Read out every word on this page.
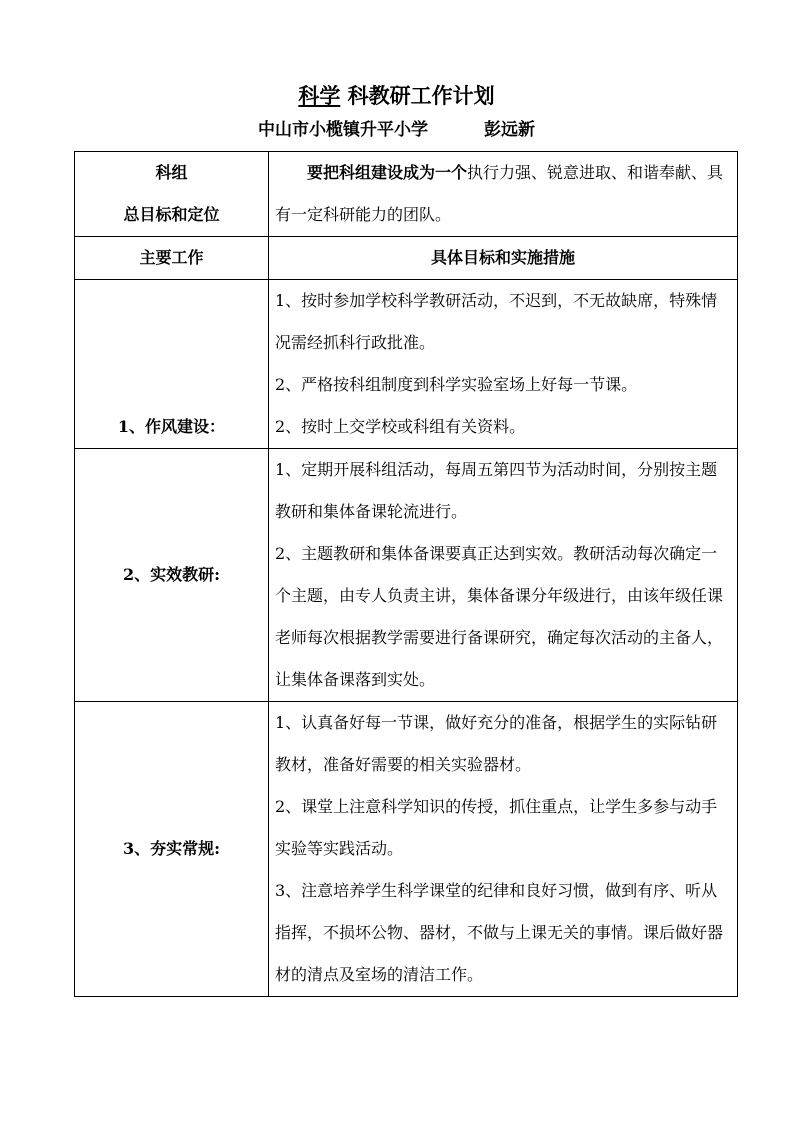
科学 科教研工作计划
中山市小榄镇升平小学	彭远新
科组
总目标和定位	要把科组建设成为一个执行力强、锐意进取、和谐奉献、具有一定科研能力的团队。
主要工作	具体目标和实施措施
1、作风建设：	1、按时参加学校科学教研活动，不迟到，不无故缺席，特殊情况需经抓科行政批准。

2、严格按科组制度到科学实验室场上好每一节课。

2、按时上交学校或科组有关资料。

2、实效教研:	1、定期开展科组活动，每周五第四节为活动时间，分别按主题教研和集体备课轮流进行。

2、主题教研和集体备课要真正达到实效。教研活动每次确定一个主题，由专人负责主讲，集体备课分年级进行，由该年级任课老师每次根据教学需要进行备课研究，确定每次活动的主备人，让集体备课落到实处。

3、夯实常规:	1、认真备好每一节课，做好充分的准备，根据学生的实际钻研教材，准备好需要的相关实验器材。

2、课堂上注意科学知识的传授，抓住重点，让学生多参与动手实验等实践活动。

3、注意培养学生科学课堂的纪律和良好习惯，做到有序、听从指挥，不损坏公物、器材，不做与上课无关的事情。课后做好器材的清点及室场的清洁工作。
